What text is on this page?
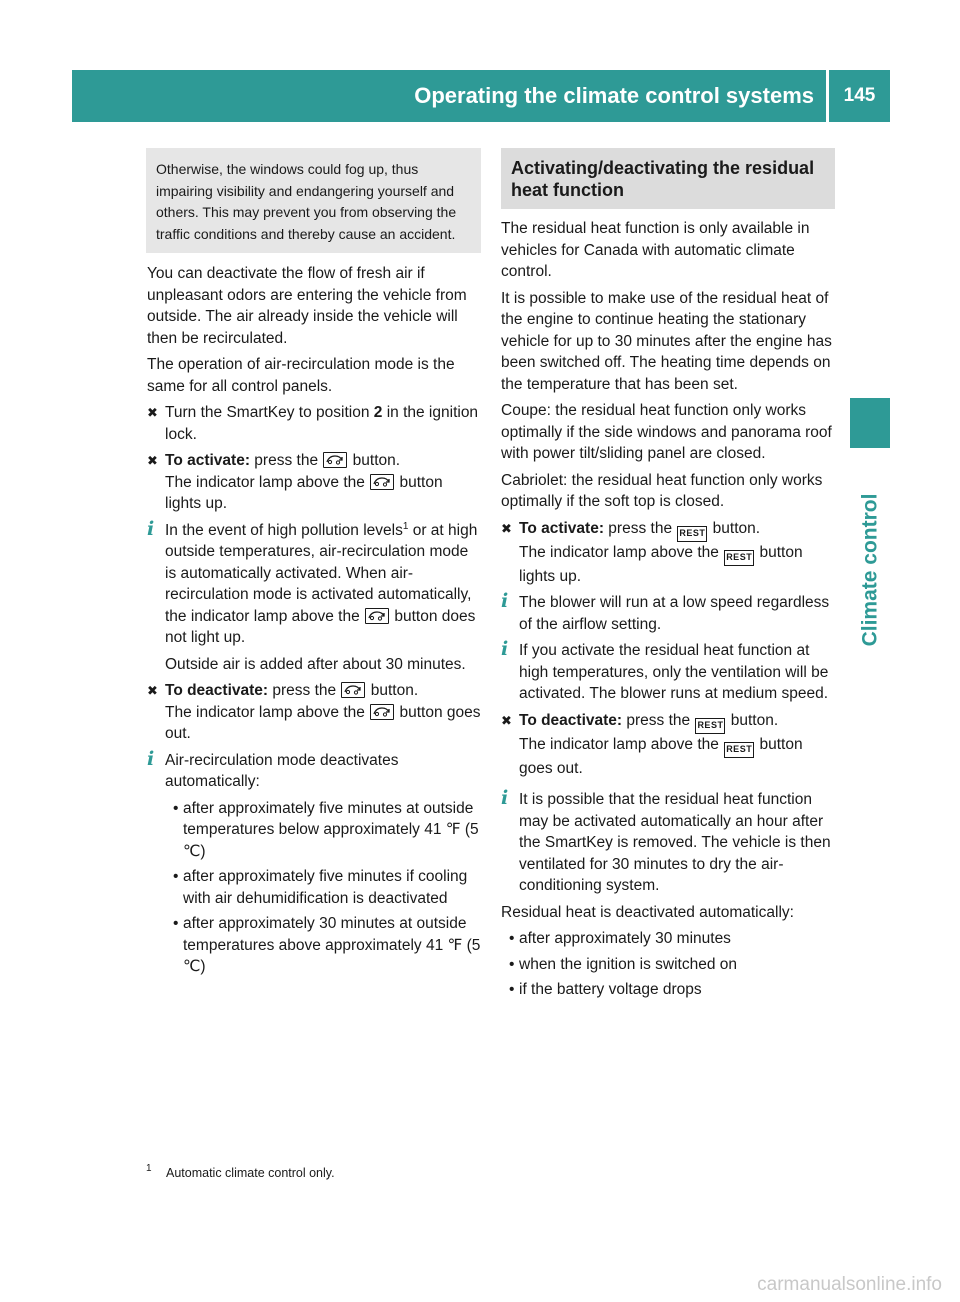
Operating the climate control systems	145
Climate control
Otherwise, the windows could fog up, thus impairing visibility and endangering yourself and others. This may prevent you from observing the traffic conditions and thereby cause an accident.

You can deactivate the flow of fresh air if unpleasant odors are entering the vehicle from outside. The air already inside the vehicle will then be recirculated.

The operation of air-recirculation mode is the same for all control panels.

✖ Turn the SmartKey to position 2 in the ignition lock.
✖ To activate: press the
button.
The indicator lamp above the
button lights up.
i In the event of high pollution levels$^1$ or at high outside temperatures, air-recirculation mode is automatically activated. When air-recirculation mode is activated automatically, the indicator lamp above the
button does not light up.

Outside air is added after about 30 minutes.

✖ To deactivate: press the
button.
The indicator lamp above the
button goes out.
i Air-recirculation mode deactivates automatically:

• after approximately five minutes at outside temperatures below approximately 41 ℉ (5 ℃)
• after approximately five minutes if cooling with air dehumidification is deactivated
• after approximately 30 minutes at outside temperatures above approximately 41 ℉ (5 ℃)
Activating/deactivating the residual heat function

The residual heat function is only available in vehicles for Canada with automatic climate control.

It is possible to make use of the residual heat of the engine to continue heating the stationary vehicle for up to 30 minutes after the engine has been switched off. The heating time depends on the temperature that has been set.

Coupe: the residual heat function only works optimally if the side windows and panorama roof with power tilt/sliding panel are closed.

Cabriolet: the residual heat function only works optimally if the soft top is closed.

✖ To activate: press the REST button.
The indicator lamp above the REST button lights up.
i The blower will run at a low speed regardless of the airflow setting.

i If you activate the residual heat function at high temperatures, only the ventilation will be activated. The blower runs at medium speed.

✖ To deactivate: press the REST button.
The indicator lamp above the REST button goes out.
i It is possible that the residual heat function may be activated automatically an hour after the SmartKey is removed. The vehicle is then ventilated for 30 minutes to dry the air-conditioning system.

Residual heat is deactivated automatically:

• after approximately 30 minutes
• when the ignition is switched on
• if the battery voltage drops
1 Automatic climate control only.
carmanualsonline.info
